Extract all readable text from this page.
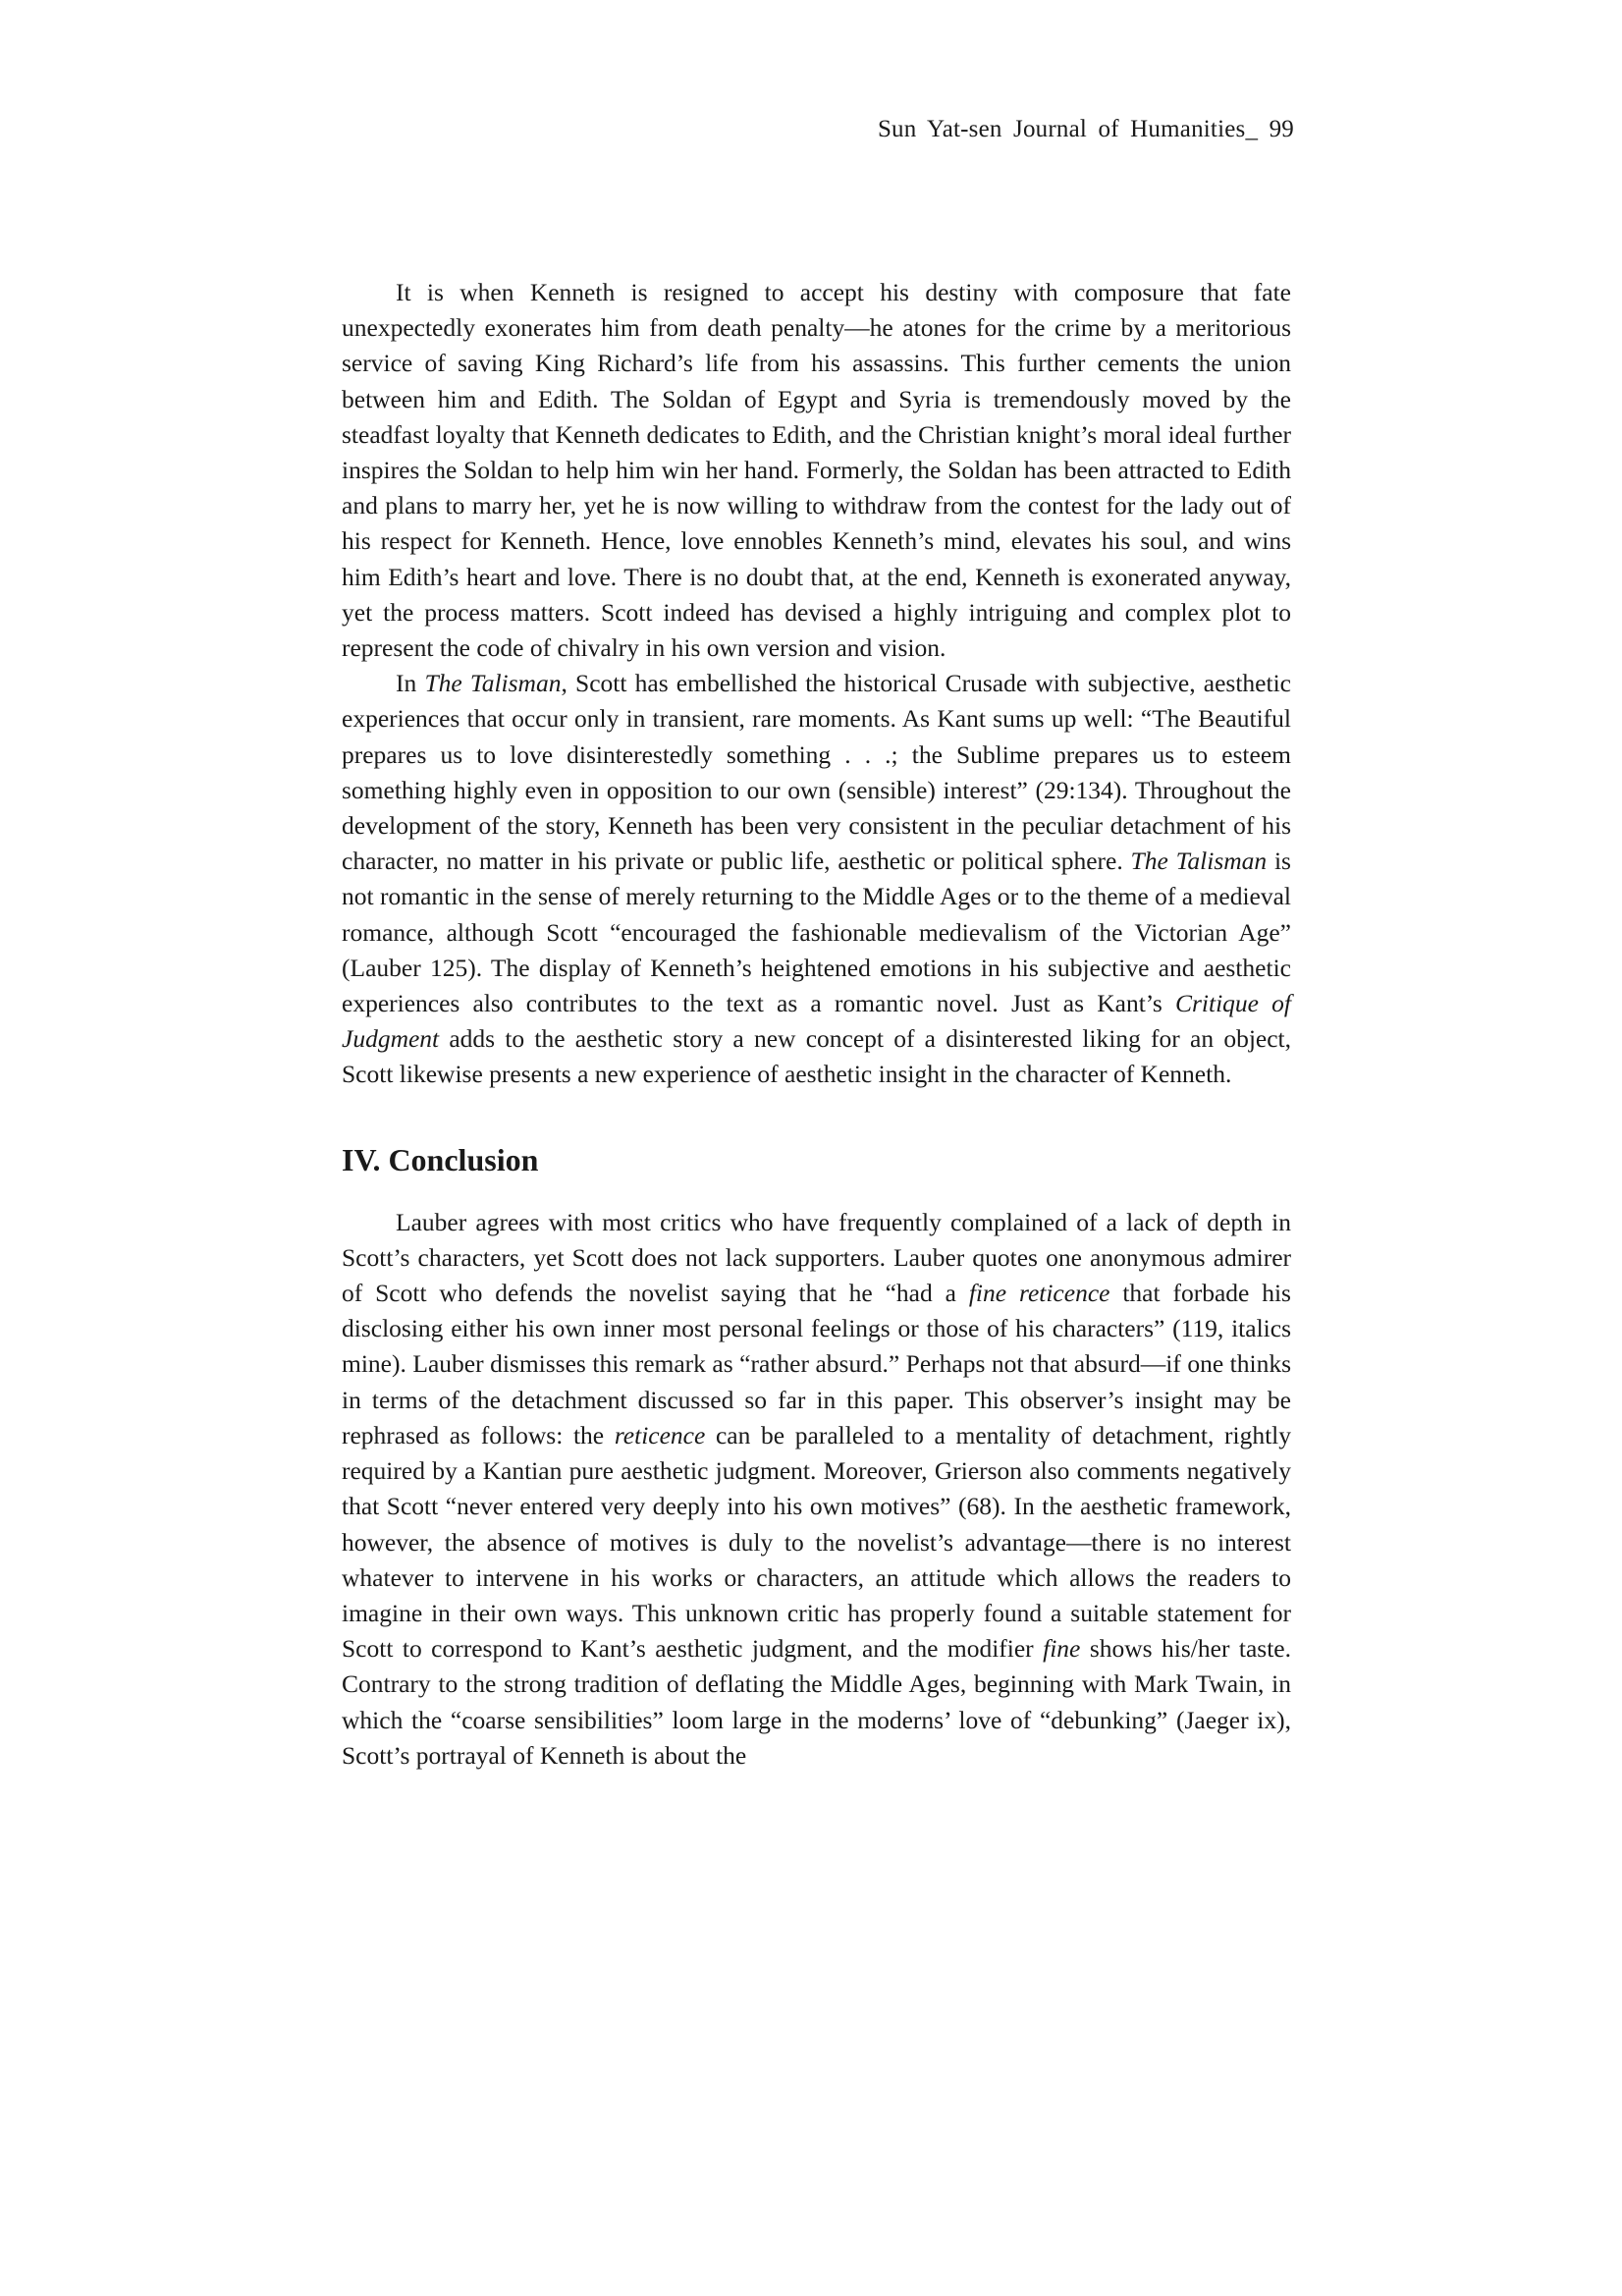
Sun Yat-sen Journal of Humanities_ 99

It is when Kenneth is resigned to accept his destiny with composure that fate unexpectedly exonerates him from death penalty—he atones for the crime by a meritorious service of saving King Richard’s life from his assassins. This further cements the union between him and Edith. The Soldan of Egypt and Syria is tremendously moved by the steadfast loyalty that Kenneth dedicates to Edith, and the Christian knight’s moral ideal further inspires the Soldan to help him win her hand. Formerly, the Soldan has been attracted to Edith and plans to marry her, yet he is now willing to withdraw from the contest for the lady out of his respect for Kenneth. Hence, love ennobles Kenneth’s mind, elevates his soul, and wins him Edith’s heart and love. There is no doubt that, at the end, Kenneth is exonerated anyway, yet the process matters. Scott indeed has devised a highly intriguing and complex plot to represent the code of chivalry in his own version and vision.

In The Talisman, Scott has embellished the historical Crusade with subjective, aesthetic experiences that occur only in transient, rare moments. As Kant sums up well: “The Beautiful prepares us to love disinterestedly something . . .; the Sublime prepares us to esteem something highly even in opposition to our own (sensible) interest” (29:134). Throughout the development of the story, Kenneth has been very consistent in the peculiar detachment of his character, no matter in his private or public life, aesthetic or political sphere. The Talisman is not romantic in the sense of merely returning to the Middle Ages or to the theme of a medieval romance, although Scott “encouraged the fashionable medievalism of the Victorian Age” (Lauber 125). The display of Kenneth’s heightened emotions in his subjective and aesthetic experiences also contributes to the text as a romantic novel. Just as Kant’s Critique of Judgment adds to the aesthetic story a new concept of a disinterested liking for an object, Scott likewise presents a new experience of aesthetic insight in the character of Kenneth.

IV. Conclusion

Lauber agrees with most critics who have frequently complained of a lack of depth in Scott’s characters, yet Scott does not lack supporters. Lauber quotes one anonymous admirer of Scott who defends the novelist saying that he “had a fine reticence that forbade his disclosing either his own inner most personal feelings or those of his characters” (119, italics mine). Lauber dismisses this remark as “rather absurd.” Perhaps not that absurd—if one thinks in terms of the detachment discussed so far in this paper. This observer’s insight may be rephrased as follows: the reticence can be paralleled to a mentality of detachment, rightly required by a Kantian pure aesthetic judgment. Moreover, Grierson also comments negatively that Scott “never entered very deeply into his own motives” (68). In the aesthetic framework, however, the absence of motives is duly to the novelist’s advantage—there is no interest whatever to intervene in his works or characters, an attitude which allows the readers to imagine in their own ways. This unknown critic has properly found a suitable statement for Scott to correspond to Kant’s aesthetic judgment, and the modifier fine shows his/her taste. Contrary to the strong tradition of deflating the Middle Ages, beginning with Mark Twain, in which the “coarse sensibilities” loom large in the moderns’ love of “debunking” (Jaeger ix), Scott’s portrayal of Kenneth is about the
